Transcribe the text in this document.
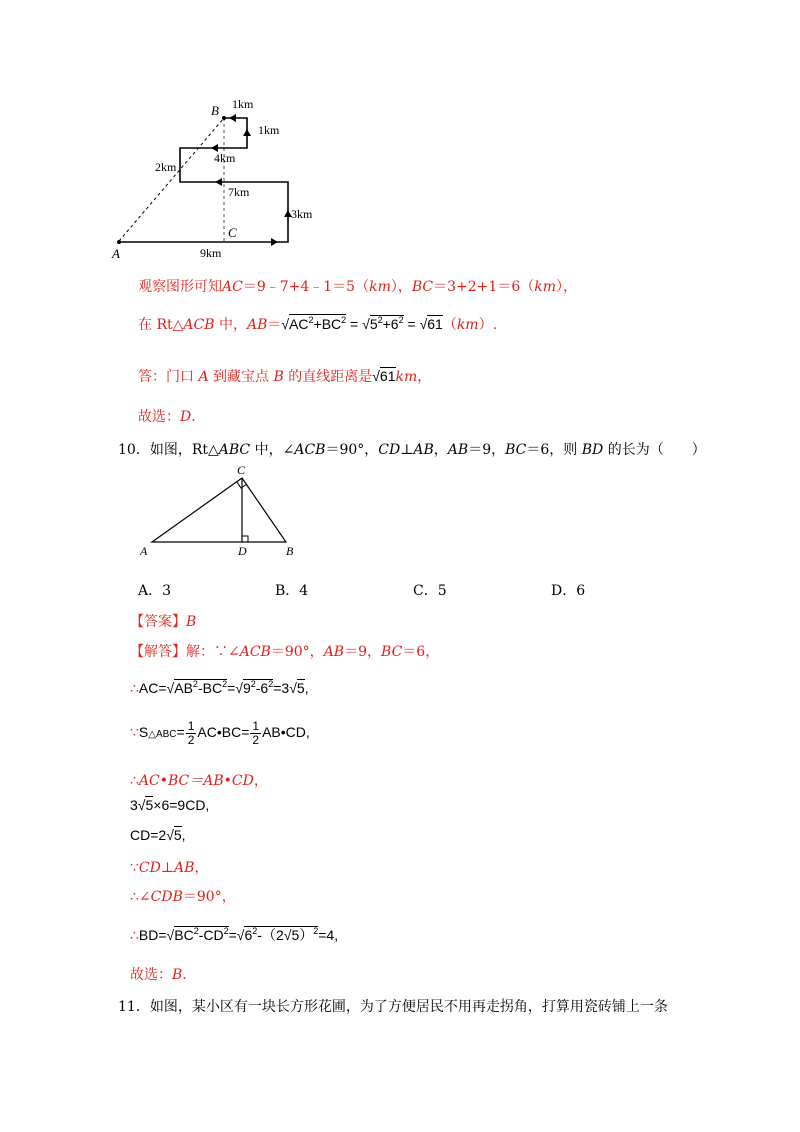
B
A
C
1km
1km
2km
4km
7km
3km
9km
观察图形可知AC＝9﹣7+4﹣1＝5（km），BC＝3+2+1＝6（km），
在 Rt△ACB 中，$AB=√AC^2+BC^2 = √5^2+6^2 = √61(km)$.
答：门口 A 到藏宝点 B 的直线距离是√61km，
故选：D.
10．如图，Rt△ABC 中，∠ACB＝90°，CD⊥AB，AB＝9，BC＝6，则 BD 的长为（　　）
A
C
D	B
A．3	B．4	C．5	D．6
【答案】B
【解答】解：∵∠ACB＝90°，AB＝9，BC＝6，
$\therefore AC=√AB^2-BC^2=√9^2-6^2=3√5$,
∵S△ABC= $\frac{1}{2}$ AC•BC= $\frac{1}{2}$ AB•CD,
∴AC•BC＝AB•CD，
3√5×6=9CD,
CD=2√5,
∵CD⊥AB，
∴∠CDB＝90°，
$\therefore BD=√BC^2-CD^2=√6^2-(2√5)^2=4$,
故选：B.
11．如图，某小区有一块长方形花圃，为了方便居民不用再走拐角，打算用瓷砖铺上一条
